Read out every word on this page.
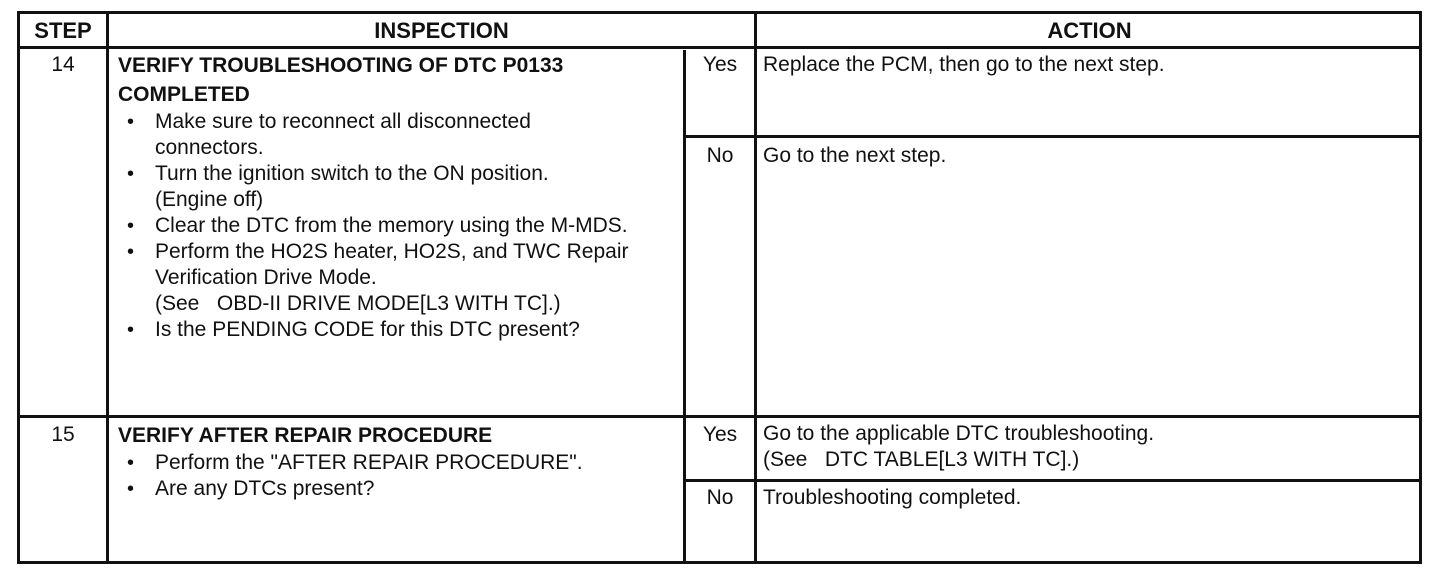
STEP	INSPECTION	ACTION
14	VERIFY TROUBLESHOOTING OF DTC P0133 COMPLETED
• Make sure to reconnect all disconnected connectors.
• Turn the ignition switch to the ON position. (Engine off)
• Clear the DTC from the memory using the M-MDS.
• Perform the HO2S heater, HO2S, and TWC Repair Verification Drive Mode.
(See   OBD-II DRIVE MODE[L3 WITH TC].)
• Is the PENDING CODE for this DTC present?
Yes	Replace the PCM, then go to the next step.
No	Go to the next step.
15	VERIFY AFTER REPAIR PROCEDURE
• Perform the "AFTER REPAIR PROCEDURE".
• Are any DTCs present?
Yes	Go to the applicable DTC troubleshooting.
(See   DTC TABLE[L3 WITH TC].)
No	Troubleshooting completed.
